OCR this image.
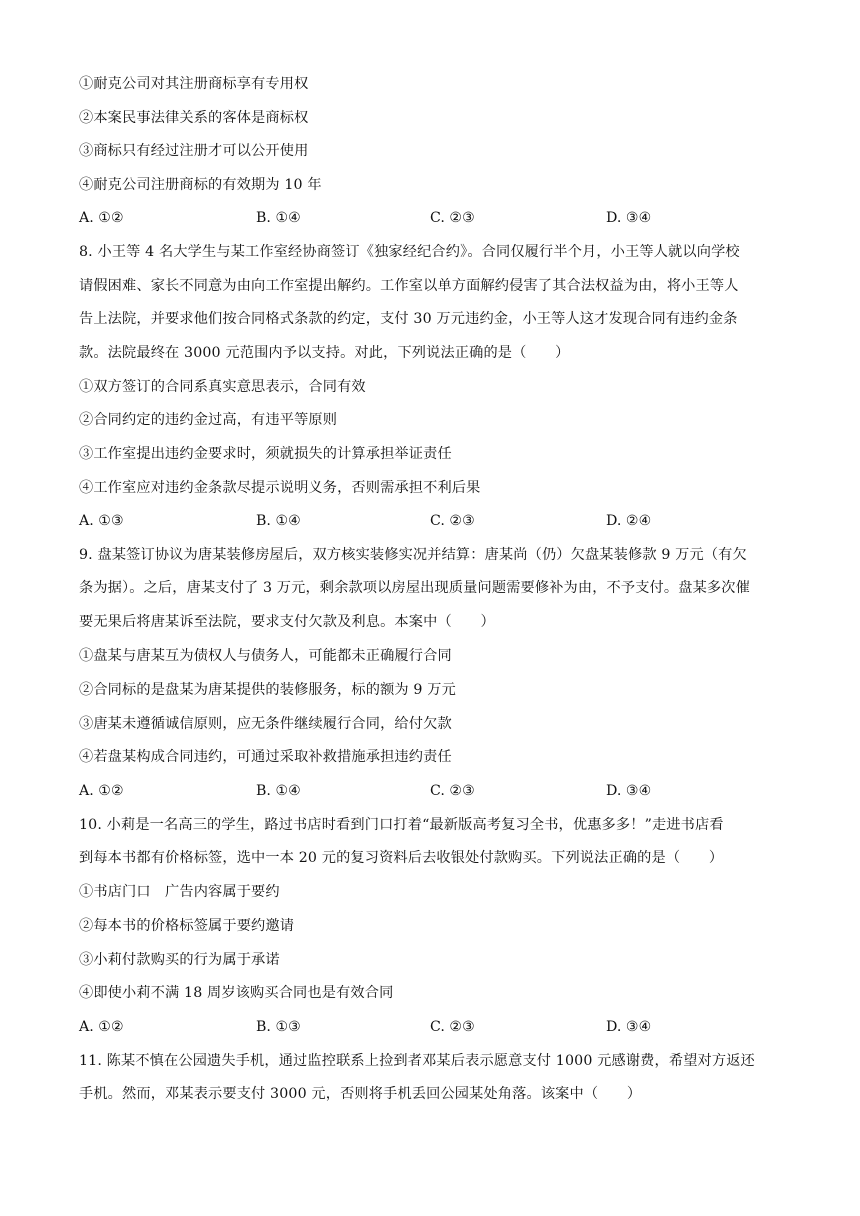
①耐克公司对其注册商标享有专用权
②本案民事法律关系的客体是商标权
③商标只有经过注册才可以公开使用
④耐克公司注册商标的有效期为 10 年
A. ①②	B. ①④	C. ②③	D. ③④
8. 小王等 4 名大学生与某工作室经协商签订《独家经纪合约》。合同仅履行半个月，小王等人就以向学校
请假困难、家长不同意为由向工作室提出解约。工作室以单方面解约侵害了其合法权益为由，将小王等人
告上法院，并要求他们按合同格式条款的约定，支付 30 万元违约金，小王等人这才发现合同有违约金条
款。法院最终在 3000 元范围内予以支持。对此，下列说法正确的是（　　）
①双方签订的合同系真实意思表示，合同有效
②合同约定的违约金过高，有违平等原则
③工作室提出违约金要求时，须就损失的计算承担举证责任
④工作室应对违约金条款尽提示说明义务，否则需承担不利后果
A. ①③	B. ①④	C. ②③	D. ②④
9. 盘某签订协议为唐某装修房屋后，双方核实装修实况并结算：唐某尚（仍）欠盘某装修款 9 万元（有欠
条为据）。之后，唐某支付了 3 万元，剩余款项以房屋出现质量问题需要修补为由，不予支付。盘某多次催
要无果后将唐某诉至法院，要求支付欠款及利息。本案中（　　）
①盘某与唐某互为债权人与债务人，可能都未正确履行合同
②合同标的是盘某为唐某提供的装修服务，标的额为 9 万元
③唐某未遵循诚信原则，应无条件继续履行合同，给付欠款
④若盘某构成合同违约，可通过采取补救措施承担违约责任
A. ①②	B. ①④	C. ②③	D. ③④
10. 小莉是一名高三的学生，路过书店时看到门口打着“最新版高考复习全书，优惠多多！”走进书店看
到每本书都有价格标签，选中一本 20 元的复习资料后去收银处付款购买。下列说法正确的是（　　）
①书店门口　广告内容属于要约
②每本书的价格标签属于要约邀请
③小莉付款购买的行为属于承诺
④即使小莉不满 18 周岁该购买合同也是有效合同
A. ①②	B. ①③	C. ②③	D. ③④
11. 陈某不慎在公园遗失手机，通过监控联系上捡到者邓某后表示愿意支付 1000 元感谢费，希望对方返还
手机。然而，邓某表示要支付 3000 元，否则将手机丢回公园某处角落。该案中（　　）
